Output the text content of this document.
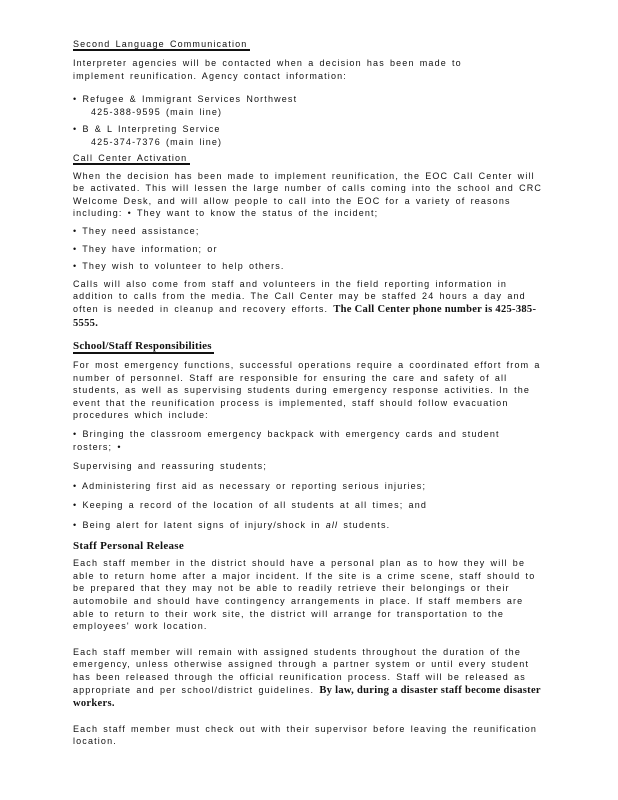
Second Language Communication

Interpreter agencies will be contacted when a decision has been made to implement reunification. Agency contact information:

• Refugee & Immigrant Services Northwest

425-388-9595 (main line)

• B & L Interpreting Service

425-374-7376 (main line)

Call Center Activation

When the decision has been made to implement reunification, the EOC Call Center will be activated. This will lessen the large number of calls coming into the school and CRC Welcome Desk, and will allow people to call into the EOC for a variety of reasons including: • They want to know the status of the incident;

• They need assistance;

• They have information; or

• They wish to volunteer to help others.

Calls will also come from staff and volunteers in the field reporting information in addition to calls from the media. The Call Center may be staffed 24 hours a day and often is needed in cleanup and recovery efforts. The Call Center phone number is 425-385-5555.

School/Staff Responsibilities

For most emergency functions, successful operations require a coordinated effort from a number of personnel. Staff are responsible for ensuring the care and safety of all students, as well as supervising students during emergency response activities. In the event that the reunification process is implemented, staff should follow evacuation procedures which include:

• Bringing the classroom emergency backpack with emergency cards and student rosters; •

Supervising and reassuring students;

• Administering first aid as necessary or reporting serious injuries;

• Keeping a record of the location of all students at all times; and

• Being alert for latent signs of injury/shock in all students.

Staff Personal Release

Each staff member in the district should have a personal plan as to how they will be able to return home after a major incident. If the site is a crime scene, staff should to be prepared that they may not be able to readily retrieve their belongings or their automobile and should have contingency arrangements in place. If staff members are able to return to their work site, the district will arrange for transportation to the employees' work location.

Each staff member will remain with assigned students throughout the duration of the emergency, unless otherwise assigned through a partner system or until every student has been released through the official reunification process. Staff will be released as appropriate and per school/district guidelines. By law, during a disaster staff become disaster workers.

Each staff member must check out with their supervisor before leaving the reunification location.
